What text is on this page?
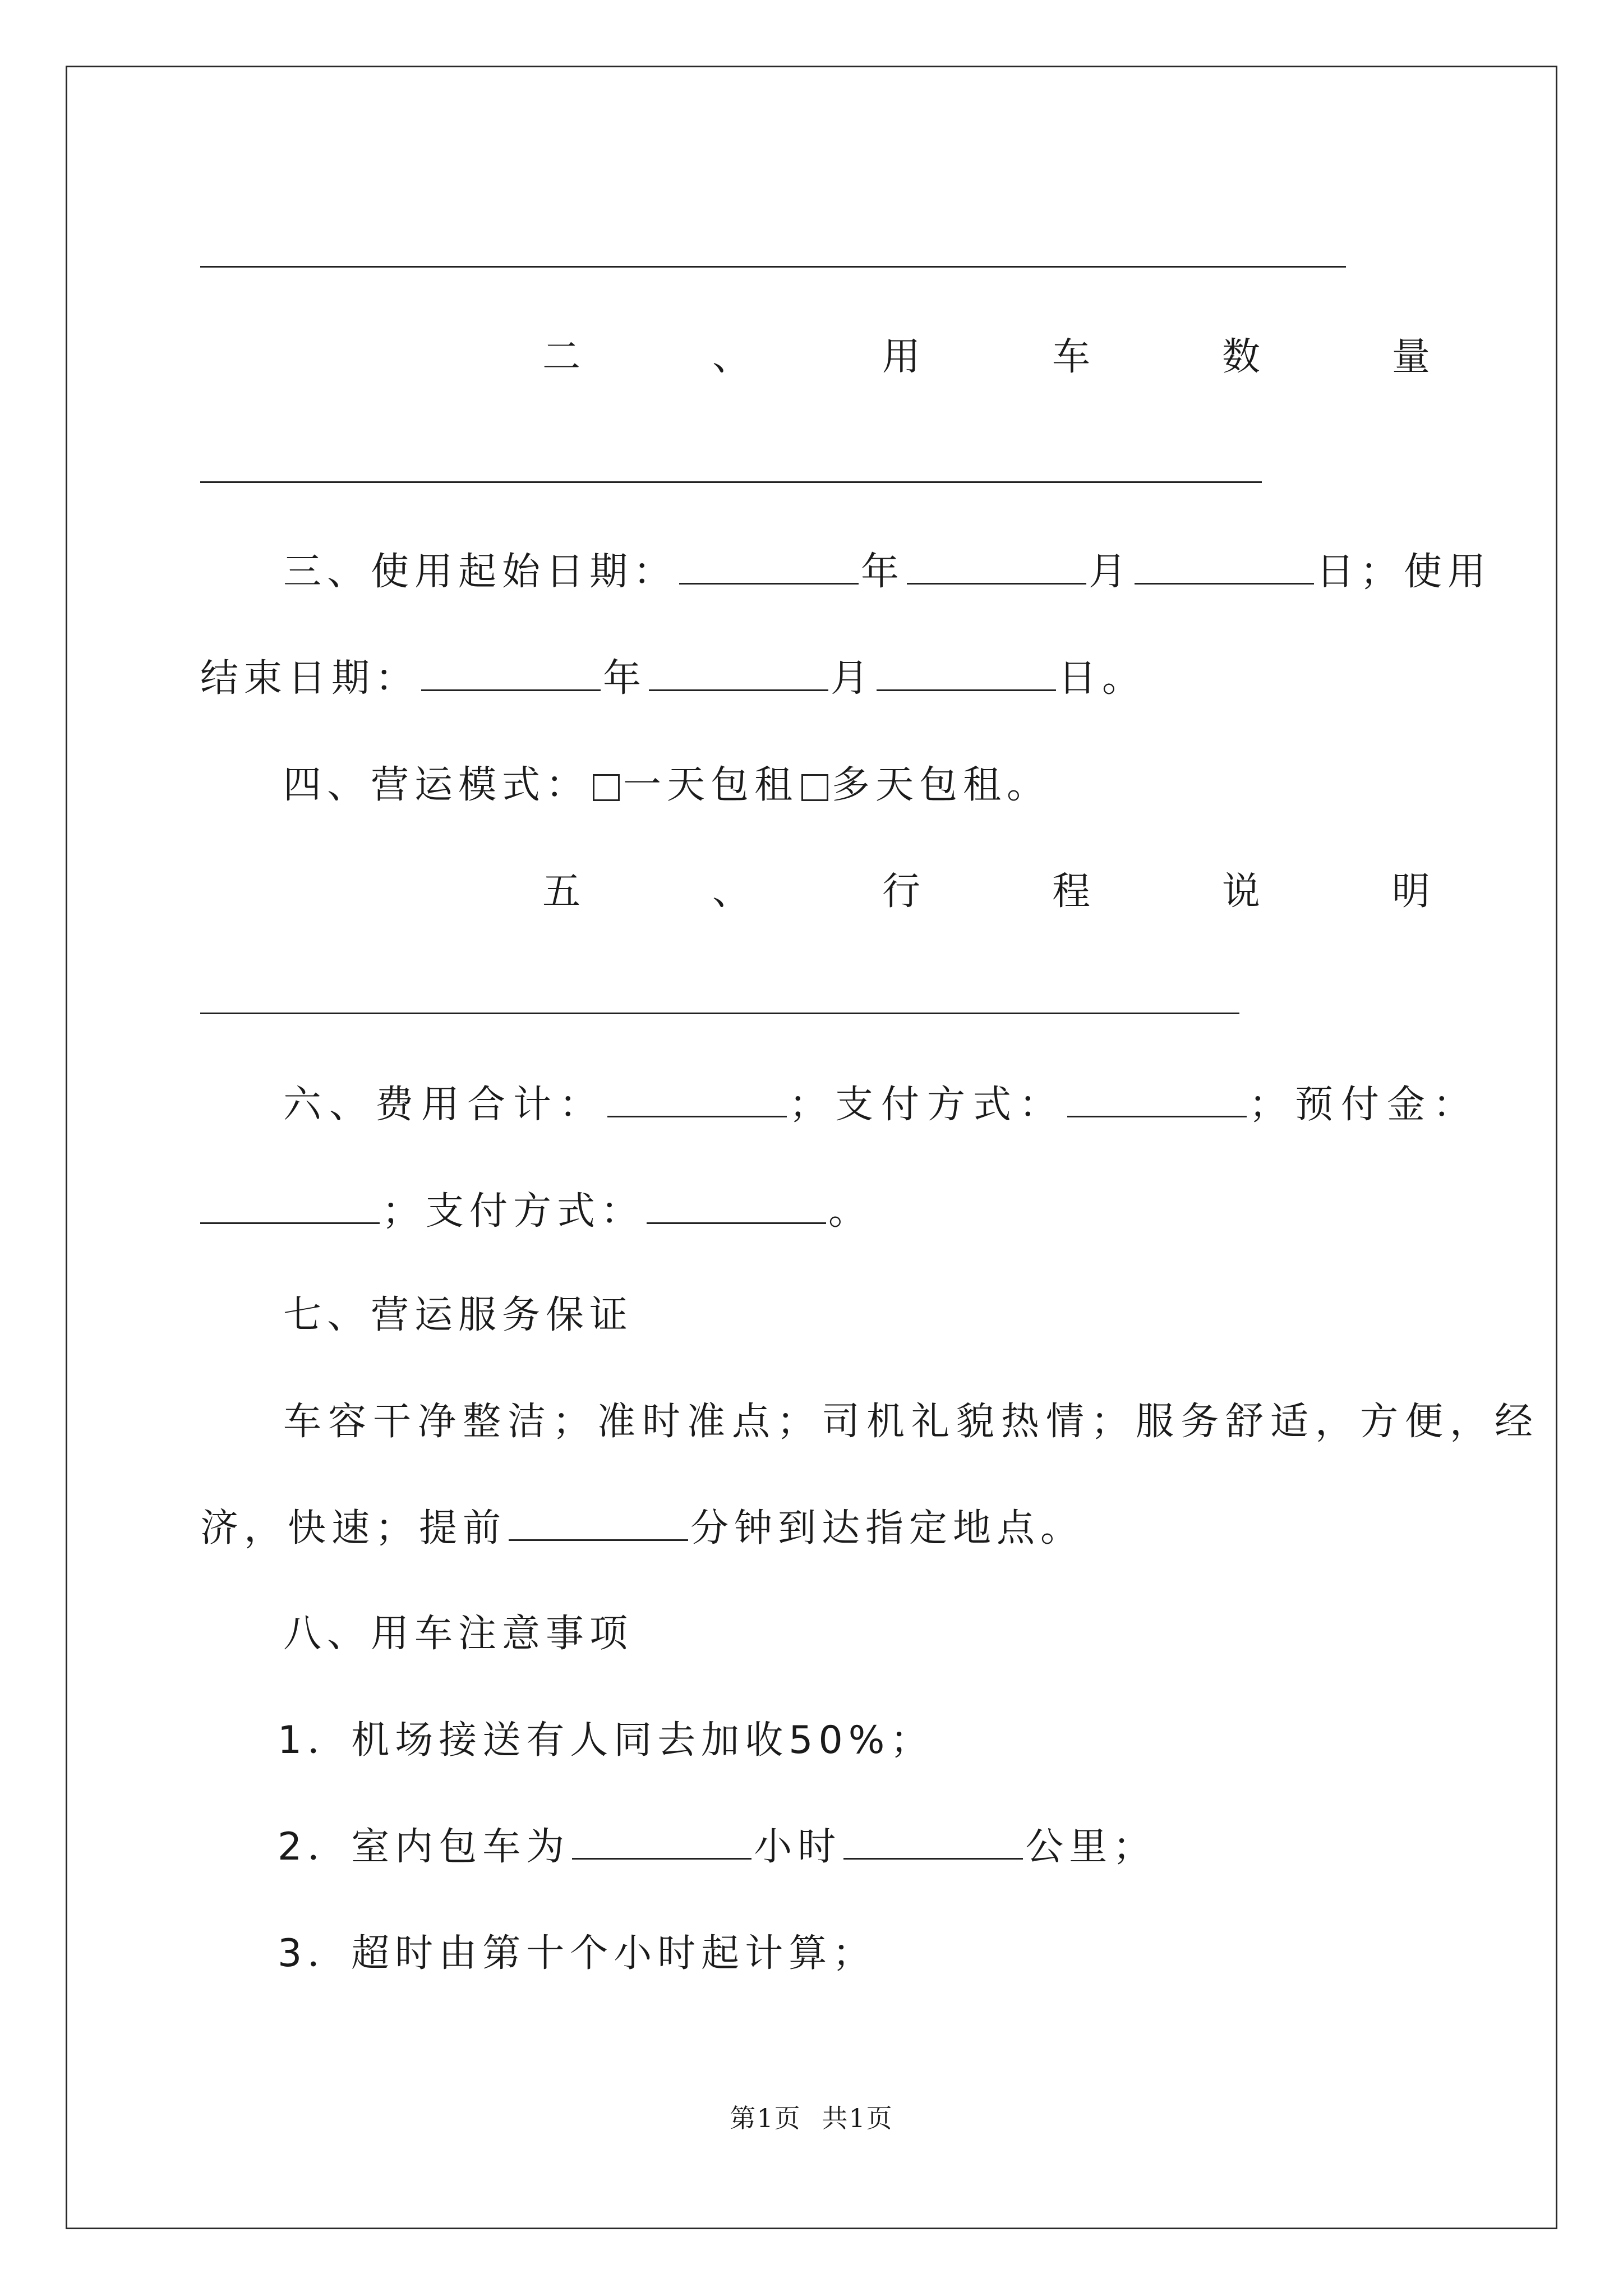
二	、	用	车	数	量
三、使用起始日期：	年	月	日；使用
结束日期：	年	月	日。
四、营运模式： 一天包租 多天包租。
五	、	行	程	说	明
六、费用合计：	；支付方式：	；预付金：
；支付方式：	。
七、营运服务保证
车容干净整洁；准时准点；司机礼貌热情；服务舒适，方便，经
济，快速；提前	分钟到达指定地点。
八、用车注意事项
1．机场接送有人同去加收50%；
2．室内包车为	小时	公里；
3．超时由第十个小时起计算；
第1页 共1页
